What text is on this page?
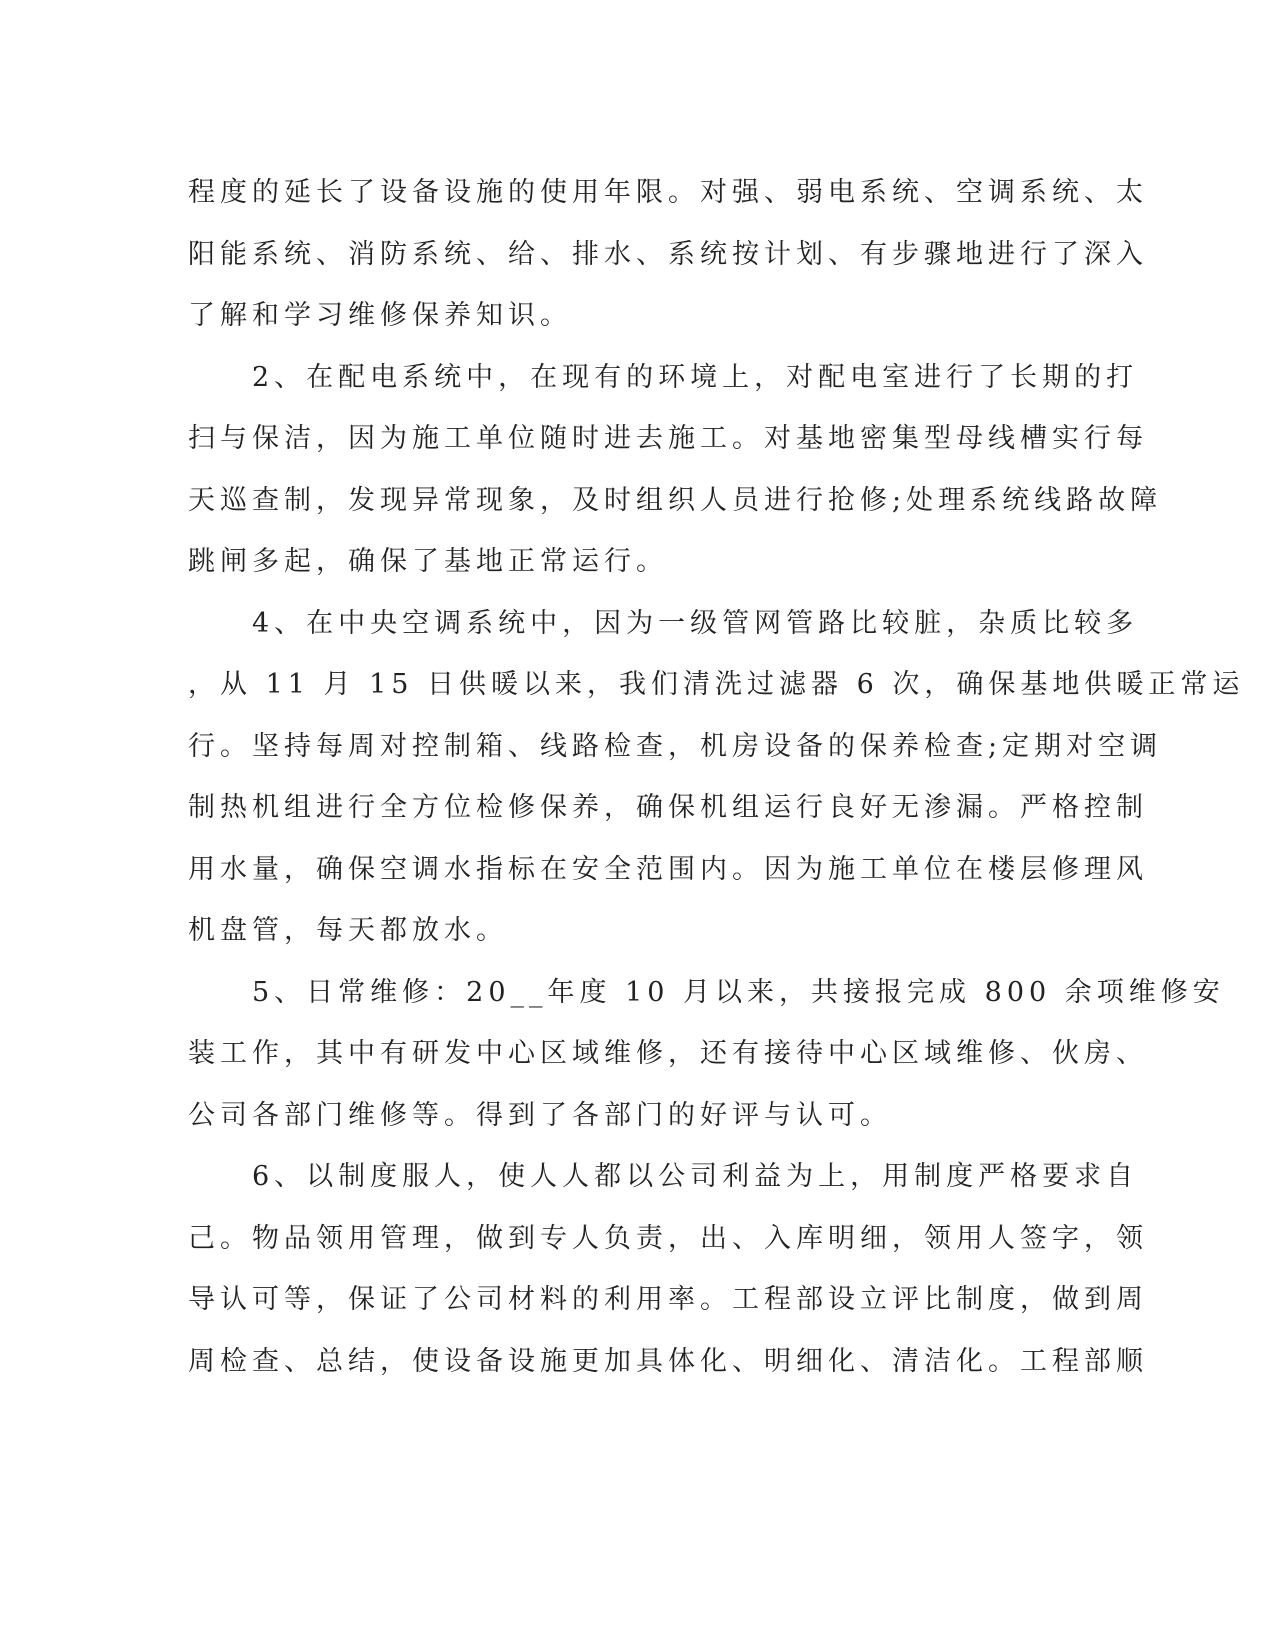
程度的延长了设备设施的使用年限。对强、弱电系统、空调系统、太
阳能系统、消防系统、给、排水、系统按计划、有步骤地进行了深入
了解和学习维修保养知识。
　　2、在配电系统中，在现有的环境上，对配电室进行了长期的打
扫与保洁，因为施工单位随时进去施工。对基地密集型母线槽实行每
天巡查制，发现异常现象，及时组织人员进行抢修;处理系统线路故障
跳闸多起，确保了基地正常运行。
　　4、在中央空调系统中，因为一级管网管路比较脏，杂质比较多
，从 11 月 15 日供暖以来，我们清洗过滤器 6 次，确保基地供暖正常运
行。坚持每周对控制箱、线路检查，机房设备的保养检查;定期对空调
制热机组进行全方位检修保养，确保机组运行良好无渗漏。严格控制
用水量，确保空调水指标在安全范围内。因为施工单位在楼层修理风
机盘管，每天都放水。
　　5、日常维修：20__年度 10 月以来，共接报完成 800 余项维修安
装工作，其中有研发中心区域维修，还有接待中心区域维修、伙房、
公司各部门维修等。得到了各部门的好评与认可。
　　6、以制度服人，使人人都以公司利益为上，用制度严格要求自
己。物品领用管理，做到专人负责，出、入库明细，领用人签字，领
导认可等，保证了公司材料的利用率。工程部设立评比制度，做到周
周检查、总结，使设备设施更加具体化、明细化、清洁化。工程部顺
